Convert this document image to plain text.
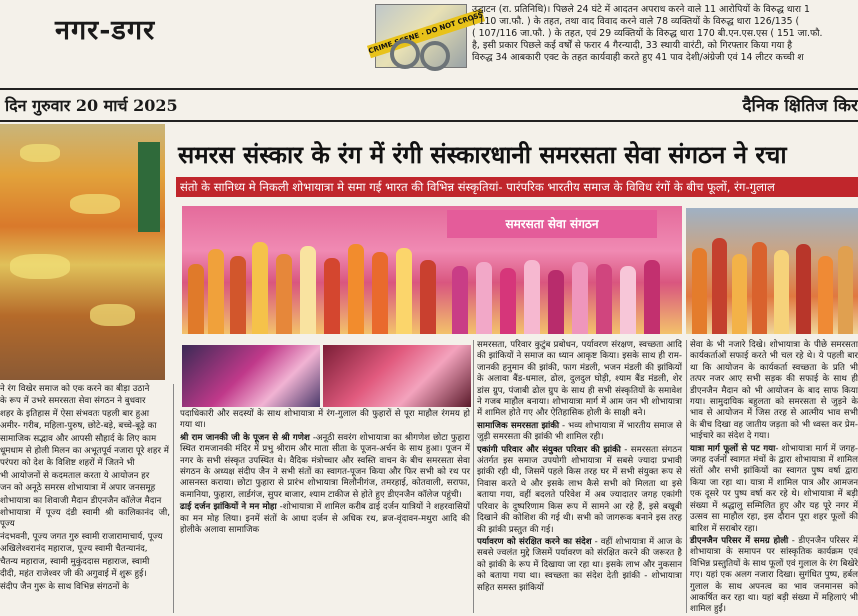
नगर-डगर	CRIME SCENE · DO NOT CROSS
उद्घाटन (रा. प्रतिनिधि)। पिछले 24 घंटे में आदतन अपराध करने वाले 11 आरोपियों के विरुद्ध धारा 1
( 110 जा.फौ. ) के तहत, तथा वाद विवाद करने वाले 78 व्यक्तियों के विरुद्ध धारा 126/135 (
( 107/116 जा.फौ. ) के तहत, एवं 29 व्यक्तियों के विरुद्ध धारा 170 बी.एन.एस.एस ( 151 जा.फौ.
है, इसी प्रकार पिछले कई वर्षों से फरार 4 गैरन्यादी, 33 स्थायी वारंटी, को गिरफ्तार किया गया है
विरुद्ध 34 आबकारी एक्ट के तहत कार्यवाही करते हुए 41 पाव देशी/अंग्रेजी एवं 14 लीटर कच्ची श
दिन गुरुवार 20 मार्च 2025	दैनिक क्षितिज किर
समरस संस्कार के रंग में रंगी संस्कारधानी समरसता सेवा संगठन ने रचा
संतो के सानिध्य मे निकली शोभायात्रा मे समा गई भारत की विभिन्न संस्कृतियां- पारंपरिक भारतीय समाज के विविध रंगों के बीच फूलों, रंग-गुलाल
समरसता सेवा संगठन

ने रंग विखेर समाज को एक करने का बीड़ा उठाने

के रूप में उभरे समरसता सेवा संगठन ने बुधवार

शहर के इतिहास में ऐसा संभवतः पहली बार हुआ

अमीर- गरीब, महिला-पुरुष, छोटे-बड़े, बच्चे-बूढ़े का

सामाजिक सद्भाव और आपसी सौहार्द के लिए काम

धूमधाम से होली मिलन का अभूतपूर्व नजारा पूरे शहर में

परंपरा को देश के विशिष्ट शहरों में जितने भी

भी आयोजनों से कदमताल करता ये आयोजन हर

जन को अनूठे समरस शोभायात्रा में अपार जनसमूह

शोभायात्रा का शिवाजी मैदान डीएनजैन कॉलेज मैदान

शोभायात्रा में पूज्य दंडी स्वामी श्री कालिकानंद जी, पूज्य

नंदभवनी, पूज्य जगत गुरु स्वामी राजारामाचार्य, पूज्य

अखिलेश्वरानंद महाराज, पूज्य स्वामी चैतन्यानंद,

चैतन्य महाराज, स्वामी मुकुंददास महाराज, स्वामी

दीदी, महंत राजेश्वर जी की अगुवाई में शुरू हुई।

संदीप जैन गुरू के साथ विभिन्न संगठनों के

पदाधिकारी और सदस्यों के साथ शोभायात्रा में रंग-गुलाल की फुहारों से पूरा माहौल रंगमय हो गया था।

श्री राम जानकी जी के पूजन से श्री गणेश -अनूठी सवरंग शोभायात्रा का श्रीगणेश छोटा फुहारा स्थित रामजानकी मंदिर में प्रभु श्रीराम और माता सीता के पूजन-अर्चन के साथ हुआ। पूजन में नगर के सभी संस्कृत उपस्थित थे। वैदिक मंत्रोच्चार और स्वस्ति वाचन के बीच समरसता सेवा संगठन के अध्यक्ष संदीप जैन ने सभी संतों का स्वागत-पूजन किया और फिर सभी को रथ पर आसनस्त कराया। छोटा फुहारा से प्रारंभ शोभायात्रा मिलौनीगंज, तमरहाई, कोतवाली, सराफा, कमानिया, फुहारा, लार्डगंज, सुपर बाजार, श्याम टाकीज से होते हुए डीएनजैन कॉलेज पहुंची।

ढाई दर्जन झांकियों ने मन मोहा -शोभायात्रा में शामिल करीब ढाई दर्जन यात्रियों ने शहरवासियों का मन मोह लिया। इनमें संतों के आधा दर्जन से अधिक रथ, ब्रज-वृंदावन-मथुरा आदि की होलीके अलावा सामाजिक

समरसता, परिवार कुटुंब प्रबोधन, पर्यावरण संरक्षण, स्वच्छता आदि की झांकियों ने समाज का ध्यान आकृष्ट किया। इसके साथ ही राम-जानकी हनुमान की झांकी, फाग मंडली, भजन मंडली की झांकियों के अलावा बैंड-धमाल, ढोल, दुलदुल घोड़ी, श्याम बैंड मंडली, शेर डांस ग्रुप, पंजाबी ढोल ग्रुप के साथ ही सभी संस्कृतियों के समावेश ने गजब माहौल बनाया। शोभायात्रा मार्ग में आम जन भी शोभायात्रा में शामिल होते गए और ऐतिहासिक होली के साक्षी बने।

सामाजिक समरसता झांकी - भव्य शोभायात्रा में भारतीय समाज से जुड़ी समरसता की झांकी भी शामिल रही।

एकांगी परिवार और संयुक्त परिवार की झांकी - समरसता संगठन अंतर्गत इस समाज उपयोगी शोभायात्रा में सबसे ज्यादा प्रभावी झांकी रही थी, जिसमें पहले किस तरह घर में सभी संयुक्त रूप से निवास करते थे और इसके लाभ कैसे सभी को मिलता था इसे बताया गया, वहीं बदलते परिवेश में अब ज्यादातर जगह एकांगी परिवार के दुष्परिणाम किस रूप में सामने आ रहे हैं, इसे बखूबी दिखाने की कोशिश की गई थी। सभी को जागरूक बनाने इस तरह की झांकी प्रस्तुत की गई।

पर्यावरण को संरक्षित करने का संदेश - वहीं शोभायात्रा में आज के सबसे ज्वलंत मुद्दे जिसमें पर्यावरण को संरक्षित करने की जरूरत है को झांकी के रूप में दिखाया जा रहा था। इसके लाभ और नुकसान को बताया गया था। स्वच्छता का संदेश देती झांकी - शोभायात्रा सहित समस्त झांकियों

सेवा के भी नजारे दिखे। शोभायात्रा के पीछे समरसता कार्यकर्ताओं सफाई करते भी चल रहे थे। ये पहली बार था कि आयोजन के कार्यकर्ता स्वच्छता के प्रति भी तत्पर नजर आए सभी सड़क की सफाई के साथ ही डीएनजैन मैदान को भी आयोजन के बाद साफ किया गया। सामुदायिक बहुलता को समरसता से जुड़ने के भाव से आयोजन में जिस तरह से आत्मीय भाव सभी के बीच दिखा वह जातीय जड़ता को भी ध्वस्त कर प्रेम-भाईचारे का संदेश दे गया।

यात्रा मार्ग फूलों से पट गया- शोभायात्रा मार्ग में जगह-जगह दर्जनों स्वागत मंचों के द्वारा शोभायात्रा में शामिल संतों और सभी झांकियों का स्वागत पुष्प वर्षा द्वारा किया जा रहा था। यात्रा में शामिल पात्र और आमजन एक दूसरे पर पुष्प वर्षा कर रहे थे। शोभायात्रा में बड़ी संख्या में श्रद्धालु सम्मिलित हुए और यह पूरे नगर में उत्सव सा माहौल रहा, इस दौरान पूरा शहर फूलों की बारिश में सराबोर रहा।

डीएनजैन परिसर में समग्र होली - डीएनजैन परिसर में शोभायात्रा के समापन पर सांस्कृतिक कार्यक्रम एवं विभिन्न प्रस्तुतियों के साथ फूलों एवं गुलाल के रंग बिखेरे गए। यहां एक अलग नजारा दिखा। सुगंधित पुष्प, हर्बल गुलाल के साथ अपनत्व का भाव जनमानस को आकर्षित कर रहा था। यहां बड़ी संख्या में महिलाएं भी शामिल हुईं।
